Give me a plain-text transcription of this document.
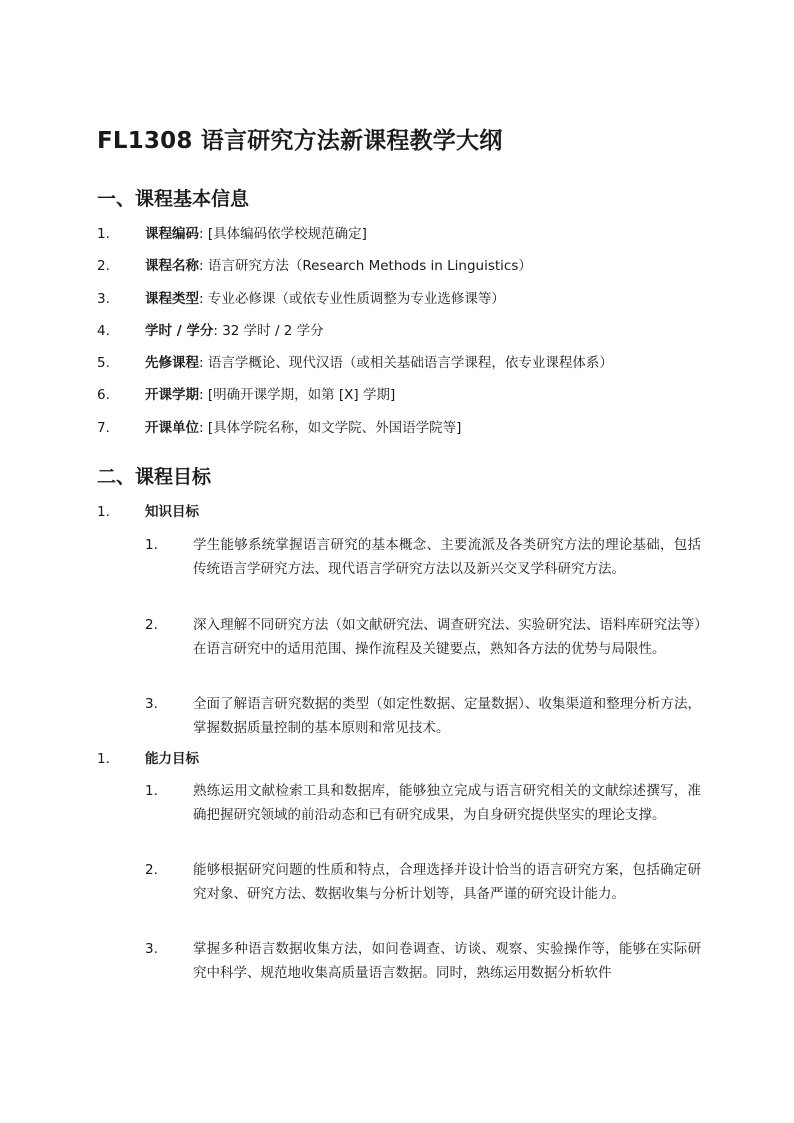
FL1308 语言研究方法新课程教学大纲
一、课程基本信息
1.	课程编码: [具体编码依学校规范确定]
2.	课程名称: 语言研究方法（Research Methods in Linguistics）
3.	课程类型: 专业必修课（或依专业性质调整为专业选修课等）
4.	学时 / 学分: 32 学时 / 2 学分
5.	先修课程: 语言学概论、现代汉语（或相关基础语言学课程，依专业课程体系）
6.	开课学期: [明确开课学期，如第 [X] 学期]
7.	开课单位: [具体学院名称，如文学院、外国语学院等]
二、课程目标
1.	知识目标
1.	学生能够系统掌握语言研究的基本概念、主要流派及各类研究方法的理论基础，包括传统语言学研究方法、现代语言学研究方法以及新兴交叉学科研究方法。
2.	深入理解不同研究方法（如文献研究法、调查研究法、实验研究法、语料库研究法等）在语言研究中的适用范围、操作流程及关键要点，熟知各方法的优势与局限性。
3.	全面了解语言研究数据的类型（如定性数据、定量数据）、收集渠道和整理分析方法，掌握数据质量控制的基本原则和常见技术。
1.	能力目标
1.	熟练运用文献检索工具和数据库，能够独立完成与语言研究相关的文献综述撰写，准确把握研究领域的前沿动态和已有研究成果，为自身研究提供坚实的理论支撑。
2.	能够根据研究问题的性质和特点，合理选择并设计恰当的语言研究方案，包括确定研究对象、研究方法、数据收集与分析计划等，具备严谨的研究设计能力。
3.	掌握多种语言数据收集方法，如问卷调查、访谈、观察、实验操作等，能够在实际研究中科学、规范地收集高质量语言数据。同时，熟练运用数据分析软件
